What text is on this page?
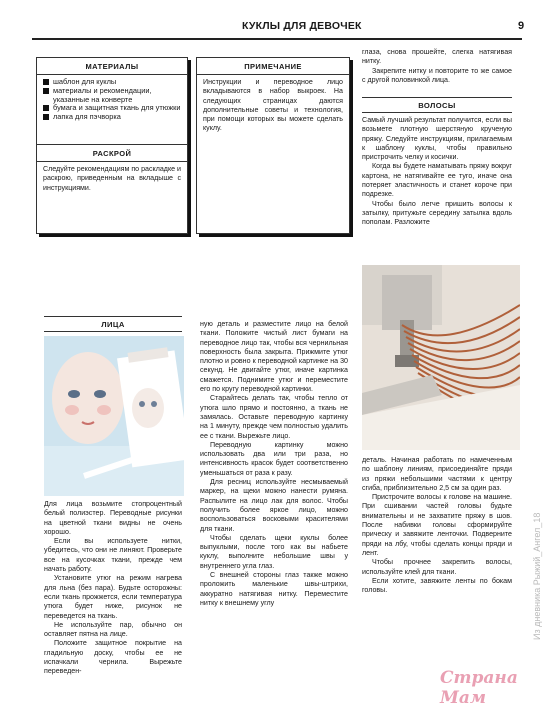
КУКЛЫ ДЛЯ ДЕВОЧЕК	9
МАТЕРИАЛЫ
шаблон для куклы
материалы и рекомендации, указанные на конверте
бумага и защитная ткань для утюжки
лапка для пэчворка
РАСКРОЙ
Следуйте рекомендациям по раскладке и раскрою, приведенным на вкладыше с инструкциями.
ПРИМЕЧАНИЕ
Инструкции и переводное лицо вкладываются в набор выкроек. На следующих страницах даются дополнительные советы и технология, при помощи которых вы можете сделать куклу.

глаза, снова прошейте, слегка натягивая нитку.

Закрепите нитку и повторите то же самое с другой половинкой лица.

ВОЛОСЫ

Самый лучший результат получится, если вы возьмете плотную шерстяную крученую пряжу. Следуйте инструкциям, прилагаемым к шаблону куклы, чтобы правильно пристрочить челку и косички.

Когда вы будете наматывать пряжу вокруг картона, не натягивайте ее туго, иначе она потеряет эластичность и станет короче при подрезке.

Чтобы было легче пришить волосы к затылку, притужьте середину затылка вдоль пополам. Разложите

деталь. Начиная работать по намеченным по шаблону линиям, присоединяйте пряди из пряжи небольшими частями к центру сгиба, приблизительно 2,5 см за один раз.

Пристрочите волосы к голове на машине. При сшивании частей головы будьте внимательны и не захватите пряжу в шов. После набивки головы сформируйте прическу и завяжите ленточки. Подверните пряди на лбу, чтобы сделать концы пряди и лент.

Чтобы прочнее закрепить волосы, используйте клей для ткани.

Если хотите, завяжите ленты по бокам головы.

ЛИЦА

Для лица возьмите стопроцентный белый полиэстер. Переводные рисунки на цветной ткани видны не очень хорошо.

Если вы используете нитки, убедитесь, что они не линяют. Проверьте все на кусочках ткани, прежде чем начать работу.

Установите утюг на режим нагрева для льна (без пара). Будьте осторожны: если ткань прожжется, если температура утюга будет ниже, рисунок не переведется на ткань.

Не используйте пар, обычно он оставляет пятна на лице.

Положите защитное покрытие на гладильную доску, чтобы ее не испачкали чернила. Вырежьте переведен-

ную деталь и разместите лицо на белой ткани. Положите чистый лист бумаги на переводное лицо так, чтобы вся чернильная поверхность была закрыта. Прижмите утюг плотно и ровно к переводной картинке на 30 секунд. Не двигайте утюг, иначе картинка смажется. Поднимите утюг и переместите его по кругу переводной картинки.

Старайтесь делать так, чтобы тепло от утюга шло прямо и постоянно, а ткань не замялась. Оставьте переводную картинку на 1 минуту, прежде чем полностью удалить ее с ткани. Вырежьте лицо.

Переводную картинку можно использовать два или три раза, но интенсивность красок будет соответственно уменьшаться от раза к разу.

Для ресниц используйте несмываемый маркер, на щеки можно нанести румяна. Распылите на лицо лак для волос. Чтобы получить более яркое лицо, можно воспользоваться восковыми красителями для ткани.

Чтобы сделать щеки куклы более выпуклыми, после того как вы набьете куклу, выполните небольшие швы у внутреннего угла глаз.

С внешней стороны глаз также можно проложить маленькие швы-штрихи, аккуратно натягивая нитку. Переместите нитку к внешнему углу

Страна Мам
Из дневника Рыжий_Ангел_18
